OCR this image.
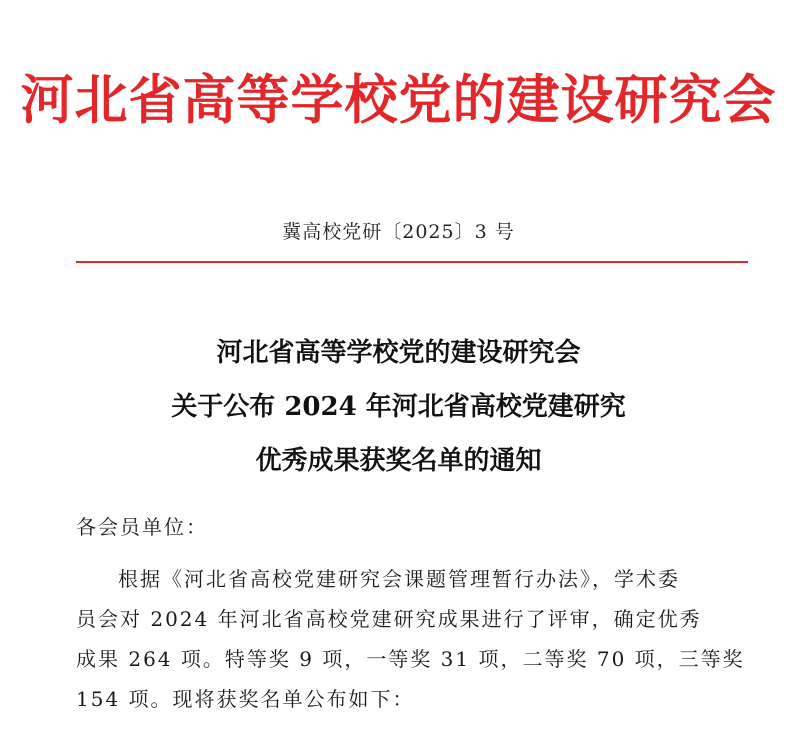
河北省高等学校党的建设研究会
冀高校党研〔2025〕3 号
河北省高等学校党的建设研究会
关于公布 2024 年河北省高校党建研究
优秀成果获奖名单的通知
各会员单位：
根据《河北省高校党建研究会课题管理暂行办法》，学术委
员会对 2024 年河北省高校党建研究成果进行了评审，确定优秀
成果 264 项。特等奖 9 项，一等奖 31 项，二等奖 70 项，三等奖
154 项。现将获奖名单公布如下：
